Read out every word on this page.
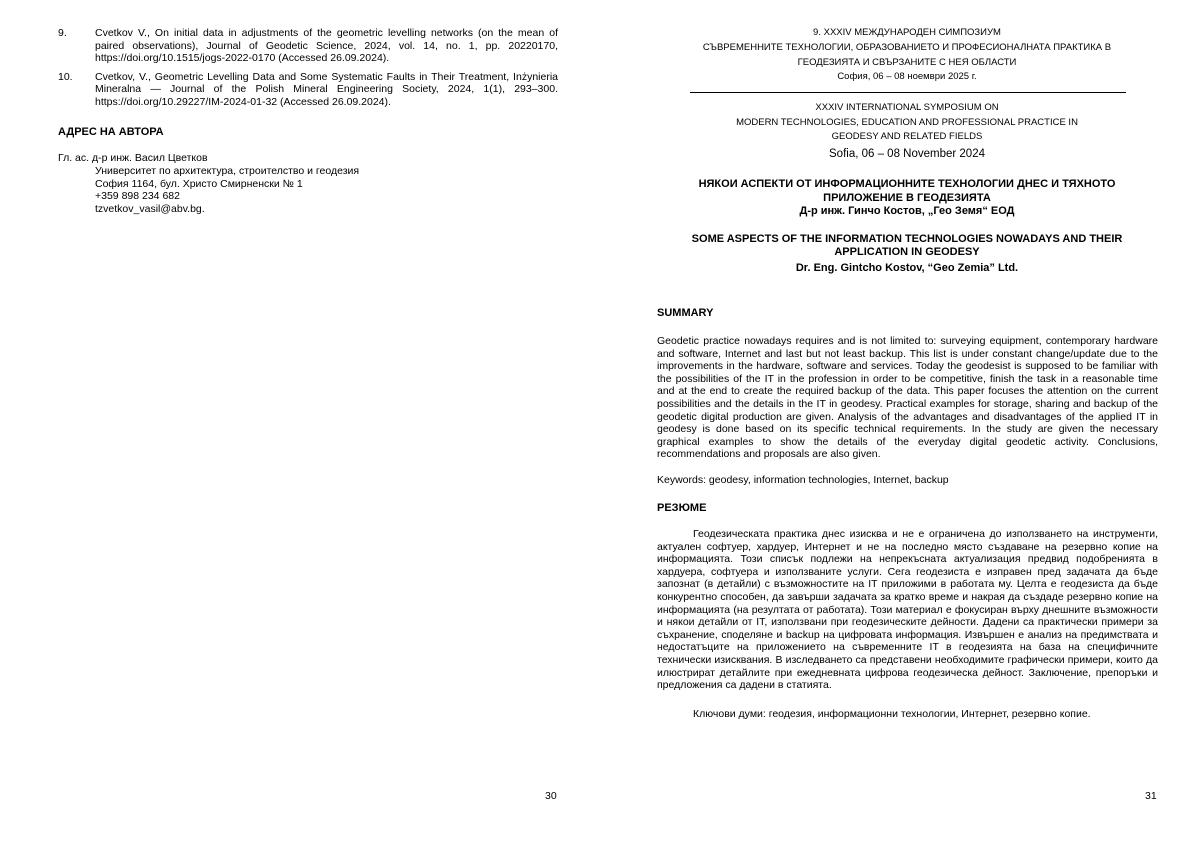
9.	Cvetkov V., On initial data in adjustments of the geometric levelling networks (on the mean of paired observations), Journal of Geodetic Science, 2024, vol. 14, no. 1, pp. 20220170, https://doi.org/10.1515/jogs-2022-0170 (Accessed 26.09.2024).

10. Cvetkov, V., Geometric Levelling Data and Some Systematic Faults in Their Treatment, Inżynieria Mineralna — Journal of the Polish Mineral Engineering Society, 2024, 1(1), 293–300. https://doi.org/10.29227/IM-2024-01-32 (Accessed 26.09.2024).

АДРЕС НА АВТОРА

Гл. ас. д-р инж. Васил Цветков

Университет по архитектура, строителство и геодезия

София 1164, бул. Христо Смирненски № 1

+359 898 234 682

tzvetkov_vasil@abv.bg.

30

9. XXXIV МЕЖДУНАРОДЕН СИМПОЗИУМ

СЪВРЕМЕННИТЕ ТЕХНОЛОГИИ, ОБРАЗОВАНИЕТО И ПРОФЕСИОНАЛНАТА ПРАКТИКА В

ГЕОДЕЗИЯТА И СВЪРЗАНИТЕ С НЕЯ ОБЛАСТИ

София, 06 – 08 ноември 2025 г.

XXXIV INTERNATIONAL SYMPOSIUM ON

MODERN TECHNOLOGIES, EDUCATION AND PROFESSIONAL PRACTICE IN

GEODESY AND RELATED FIELDS

Sofia, 06 – 08 November 2024

НЯКОИ АСПЕКТИ ОТ ИНФОРМАЦИОННИТЕ ТЕХНОЛОГИИ ДНЕС И ТЯХНОТО

ПРИЛОЖЕНИЕ В ГЕОДЕЗИЯТА

Д-р инж. Гинчо Костов, „Гео Земя“ ЕОД

SOME ASPECTS OF THE INFORMATION TECHNOLOGIES NOWADAYS AND THEIR

APPLICATION IN GEODESY

Dr. Eng. Gintcho Kostov, “Geo Zemia” Ltd.

SUMMARY

Geodetic practice nowadays requires and is not limited to: surveying equipment, contemporary hardware and software, Internet and last but not least backup. This list is under constant change/update due to the improvements in the hardware, software and services. Today the geodesist is supposed to be familiar with the possibilities of the IT in the profession in order to be competitive, finish the task in a reasonable time and at the end to create the required backup of the data. This paper focuses the attention on the current possibilities and the details in the IT in geodesy. Practical examples for storage, sharing and backup of the geodetic digital production are given. Analysis of the advantages and disadvantages of the applied IT in geodesy is done based on its specific technical requirements. In the study are given the necessary graphical examples to show the details of the everyday digital geodetic activity. Conclusions, recommendations and proposals are also given.

Keywords: geodesy, information technologies, Internet, backup

РЕЗЮМЕ

Геодезическата практика днес изисква и не е ограничена до използването на инструменти, актуален софтуер, хардуер, Интернет и не на последно място създаване на резервно копие на информацията. Този списък подлежи на непрекъсната актуализация предвид подобренията в хардуера, софтуера и използваните услуги. Сега геодезиста е изправен пред задачата да бъде запознат (в детайли) с възможностите на IT приложими в работата му. Целта е геодезиста да бъде конкурентно способен, да завърши задачата за кратко време и накрая да създаде резервно копие на информацията (на резултата от работата). Този материал е фокусиран върху днешните възможности и някои детайли от IT, използвани при геодезическите дейности. Дадени са практически примери за съхранение, споделяне и backup на цифровата информация. Извършен е анализ на предимствата и недостатъците на приложението на съвременните IT в геодезията на база на специфичните технически изисквания. В изследването са представени необходимите графически примери, които да илюстрират детайлите при ежедневната цифрова геодезическа дейност. Заключение, препоръки и предложения са дадени в статията.

Ключови думи: геодезия, информационни технологии, Интернет, резервно копие.

31
